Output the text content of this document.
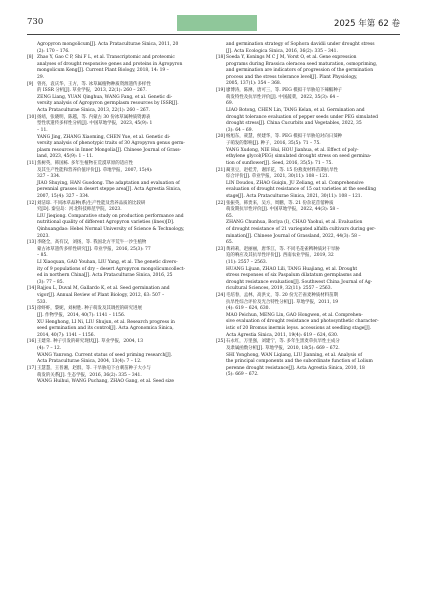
730	2025 年第 62 卷
Agropyron mongolicum[J]. Acta Prataculturae Sinica, 2011, 20
(2): 170 – 176.
[8] Zhao Y, Gao C P, Shi F L, et al. Transcriptomic and proteomic
analyses of drought responsive genes and proteins in Agropyron
mongolicum Keng[J]. Current Plant Biology, 2018, 14: 19 –
29.
[9] 曾亮，袁庆华，王方，等. 冰草属植物种质资源遗传多样性
的 ISSR 分析[J]. 草业学报，2013, 22(1): 260 – 267.
ZENG Liang, YUAN Qinghua, WANG Fang, et al. Genetic di-
versity analysis of Agropyron germplasm resources by ISSR[J].
Acta Prataculturae Sinica, 2013, 22(1): 260 – 267.
[10] 扬靖，张晓明，陈越，等. 内蒙古 30 份冰草属种质资源表
型性状遗传多样性分析[J]. 中国草地学报，2023, 45(9): 1
– 11.
YANG Jing, ZHANG Xiaoming, CHEN Yue, et al. Genetic di-
versity analysis of phenotypic traits of 30 Agropyron genus germ-
plasm resources in Inner Mongolia[J]. Chinese Journal of Grass-
land, 2023, 45(9): 1 – 11.
[11] 焦树英，韩国栋. 多年生植物在荒漠草原的适应性
及其生产性能和营养价值评价[J]. 草地学报，2007, 15(4):
327 – 334.
JIAO Shuying, HAN Guodong. The adaptation and evaluation of
perennial grasses in desert steppe area[J]. Acta Agrestia Sinica,
2007, 15(4): 327 – 334.
[12] 刘洁琼. 不同冰草品种(系)生产性能及营养品质的比较研
究[D]. 秦皇岛：河北科技师范学院，2023.
LIU Jieqiong. Comparative study on production performance and
nutritional quality of different Agropyron varieties (lines)[D].
Qinhuangdao: Hebei Normal University of Science & Technology,
2023.
[13] 李晓全，高有汉，刘扬，等. 我国北方半荒牛一沙生植物
蒙古冰草遗传多样性研究[J]. 草业学报，2016, 25(3): 77
– 85.
LI Xiaoquan, GAO Youhan, LIU Yang, et al. The genetic divers-
ity of 9 populations of dry – desert Agropyron mongolicumcollect-
ed in northern China[J]. Acta Prataculturae Sinica, 2016, 25
(3): 77 – 85.
[14] Rajjou L, Duval M, Gallardo K, et al. Seed germination and
vigor[J]. Annual Review of Plant Biology, 2012, 63: 507 –
533.
[15] 徐虾虾，黎妮，刘树胜. 种子萌发及其调控的研究进展
[J]. 作物学报，2014, 40(7): 1141 – 1156.
XU Henghong, LI Ni, LIU Shujun, et al. Research progress in
seed germination and its control[J]. Acta Agronomica Sinica,
2014, 40(7): 1141 – 1156.
[16] 王建荣. 种子引发的研究现状[J]. 草业学报，2004, 13
(4): 7 – 12.
WANG Yanrong. Current status of seed priming research[J].
Acta Prataculturae Sinica, 2004, 13(4): 7 – 12.
[17] 王慧慧，王普湘，赵群，等. 干旱胁迫下白刺苗种子大小与
萌发的关系[J]. 生态学报，2016, 36(2): 335 – 341.
WANG Huihui, WANG Puchang, ZHAO Gang, et al. Seed size
and germination strategy of Sophora davidii under drought stress
[J]. Acta Ecologica Sinica, 2016, 36(2): 335 – 341.
[18] Soeda Y, Konings M C J M, Vorst O, et al. Gene expression
programs during Brassica oleracea seed maturation, osmopriming,
and germination are indicators of progression of the germination
process and the stress tolerance level[J]. Plant Physiology,
2005, 137(1): 354 – 368.
[19] 廖博涛，陈淋，唐可三，等. PEG 模拟干旱胁迫下辣椒种子
萌发特性及抗旱性评价[J]. 中国蔬菜，2022, 35(3): 64 –
69.
LIAO Botong, CHEN Lin, TANG Kelan, et al. Germination and
drought tolerance evaluation of pepper seeds under PEG simulated
drought stress[J]. China Cucurbits and Vegetables, 2022, 35
(3): 64 – 69.
[20] 杨旭东，聂慧，侯建华，等. PEG 模拟干旱胁迫对向日葵种
子萌发的影响[J]. 种子，2016, 35(5): 71 – 75.
YANG Xudong, NIE Hui, HOU Jianhua, et al. Effect of poly-
ethylene glycol(PEG) simulated drought stress on seed germina-
tion of sunflower[J]. Seed, 2016, 35(5): 71 – 75.
[21] 蔺亚豆，赵桂芳，谢洋花，等. 15 份燕麦材料苗期抗旱性
综合评价[J]. 草业学报，2021, 30(11): 108 – 121.
LIN Doudou, ZHAO Guiqin, JU Zeliang, et al. Comprehensive
evaluation of drought resistance of 15 oat varieties at the seedling
stage[J]. Acta Prataculturae Sinica, 2021, 30(11): 108 – 121.
[22] 张振英，韩贵来，吴方，周鹏，等. 21 份杂花苜蓿种质
萌发期抗旱性评价[J]. 中国草地学报，2022, 44(3): 58 –
65.
ZHANG Chunhua, Boriya (I), CHAO Yaohui, et al. Evaluation
of drought resistance of 21 variegated alfalfa cultivars during ger-
mination[J]. Chinese Journal of Grassland, 2022, 44(3): 58 –
65.
[23] 黄莉莉，赵丽丽，唐华江，等. 不同毛花雀稗种质对干旱胁
迫的响应及其抗旱性评价[J]. 西南农业学报，2019, 32
(11): 2557 – 2563.
HUANG Lijuan, ZHAO Lili, TANG Huajiang, et al. Drought
stress responses of six Paspalum dilatatum germplasms and
drought resistance evaluation[J]. Southwest China Journal of Ag-
ricultural Sciences, 2019, 32(11): 2557 – 2563.
[24] 毛培春，孟林，高洪文，等. 20 份无芒雀麦种质材料苗期
抗旱性综合评价及光合特性分析[J]. 草地学报，2011, 19
(4): 619 – 624, 630.
MAO Peichun, MENG Lin, GAO Hongwen, et al. Comprehen-
sive evaluation of drought resistance and photosynthetic character-
istic of 20 Bromus inermis leyss. accessions at seedling stage[J].
Acta Agrestia Sinica, 2011, 19(4): 619 – 624, 630.
[25] 石永红，万里强，刘建宁，等. 多年生黑麦草抗旱性主成分
及隶属函数分析[J]. 草地学报，2010, 18(5): 669 – 672.
SHI Yonghong, WAN Liqiang, LIU Jianning, et al. Analysis of
the principal components and the subordinate function of Lolium
perenne drought resistance[J]. Acta Agrestia Sinica, 2010, 18
(5): 669 – 672.
